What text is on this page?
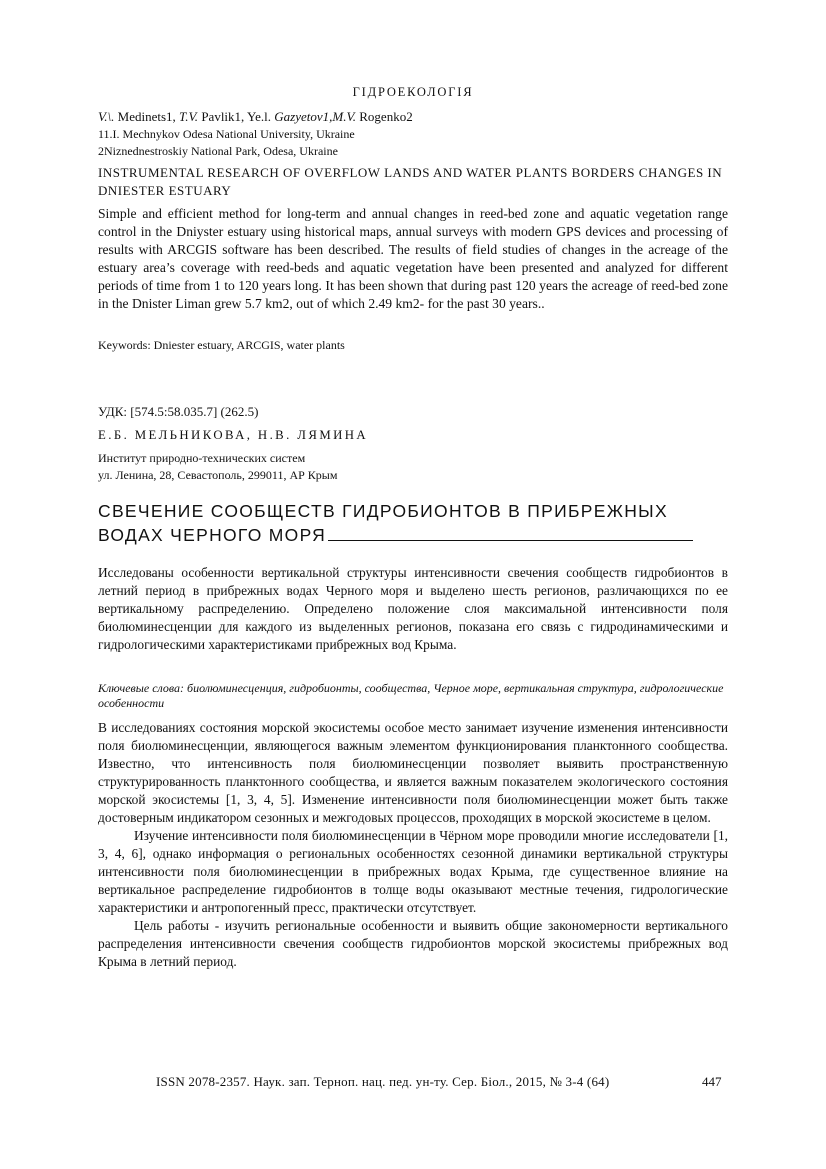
ГІДРОЕКОЛОГІЯ
V.\. Medinets1, T.V. Pavlik1, Ye.l. Gazyetov1,M.V. Rogenko2
11.I. Mechnykov Odesa National University, Ukraine
2Niznednestroskiy National Park, Odesa, Ukraine
INSTRUMENTAL RESEARCH OF OVERFLOW LANDS AND WATER PLANTS BORDERS CHANGES IN DNIESTER ESTUARY

Simple and efficient method for long-term and annual changes in reed-bed zone and aquatic vegetation range control in the Dniyster estuary using historical maps, annual surveys with modern GPS devices and processing of results with ARCGIS software has been described. The results of field studies of changes in the acreage of the estuary area’s coverage with reed-beds and aquatic vegetation have been presented and analyzed for different periods of time from 1 to 120 years long. It has been shown that during past 120 years the acreage of reed-bed zone in the Dnister Liman grew 5.7 km2, out of which 2.49 km2- for the past 30 years..

Keywords: Dniester estuary, ARCGIS, water plants
УДК: [574.5:58.035.7] (262.5)
Е.Б. МЕЛЬНИКОВА, Н.В. ЛЯМИНА
Институт природно-технических систем
ул. Ленина, 28, Севастополь, 299011, АР Крым
СВЕЧЕНИЕ СООБЩЕСТВ ГИДРОБИОНТОВ В ПРИБРЕЖНЫХ
ВОДАХ ЧЕРНОГО МОРЯ

Исследованы особенности вертикальной структуры интенсивности свечения сообществ гидробионтов в летний период в прибрежных водах Черного моря и выделено шесть регионов, различающихся по ее вертикальному распределению. Определено положение слоя максимальной интенсивности поля биолюминесценции для каждого из выделенных регионов, показана его связь с гидродинамическими и гидрологическими характеристиками прибрежных вод Крыма.

Ключевые слова: биолюминесценция, гидробионты, сообщества, Черное море, вертикальная структура, гидрологические особенности

В исследованиях состояния морской экосистемы особое место занимает изучение изменения интенсивности поля биолюминесценции, являющегося важным элементом функционирования планктонного сообщества. Известно, что интенсивность поля биолюминесценции позволяет выявить пространственную структурированность планктонного сообщества, и является важным показателем экологического состояния морской экосистемы [1, 3, 4, 5]. Изменение интенсивности поля биолюминесценции может быть также достоверным индикатором сезонных и межгодовых процессов, проходящих в морской экосистеме в целом.

Изучение интенсивности поля биолюминесценции в Чёрном море проводили многие исследователи [1, 3, 4, 6], однако информация о региональных особенностях сезонной динамики вертикальной структуры интенсивности поля биолюминесценции в прибрежных водах Крыма, где существенное влияние на вертикальное распределение гидробионтов в толще воды оказывают местные течения, гидрологические характеристики и антропогенный пресс, практически отсутствует.

Цель работы - изучить региональные особенности и выявить общие закономерности вертикального распределения интенсивности свечения сообществ гидробионтов морской экосистемы прибрежных вод Крыма в летний период.

ISSN 2078-2357. Наук. зап. Терноп. нац. пед. ун-ту. Сер. Біол., 2015, № 3-4 (64)	447
